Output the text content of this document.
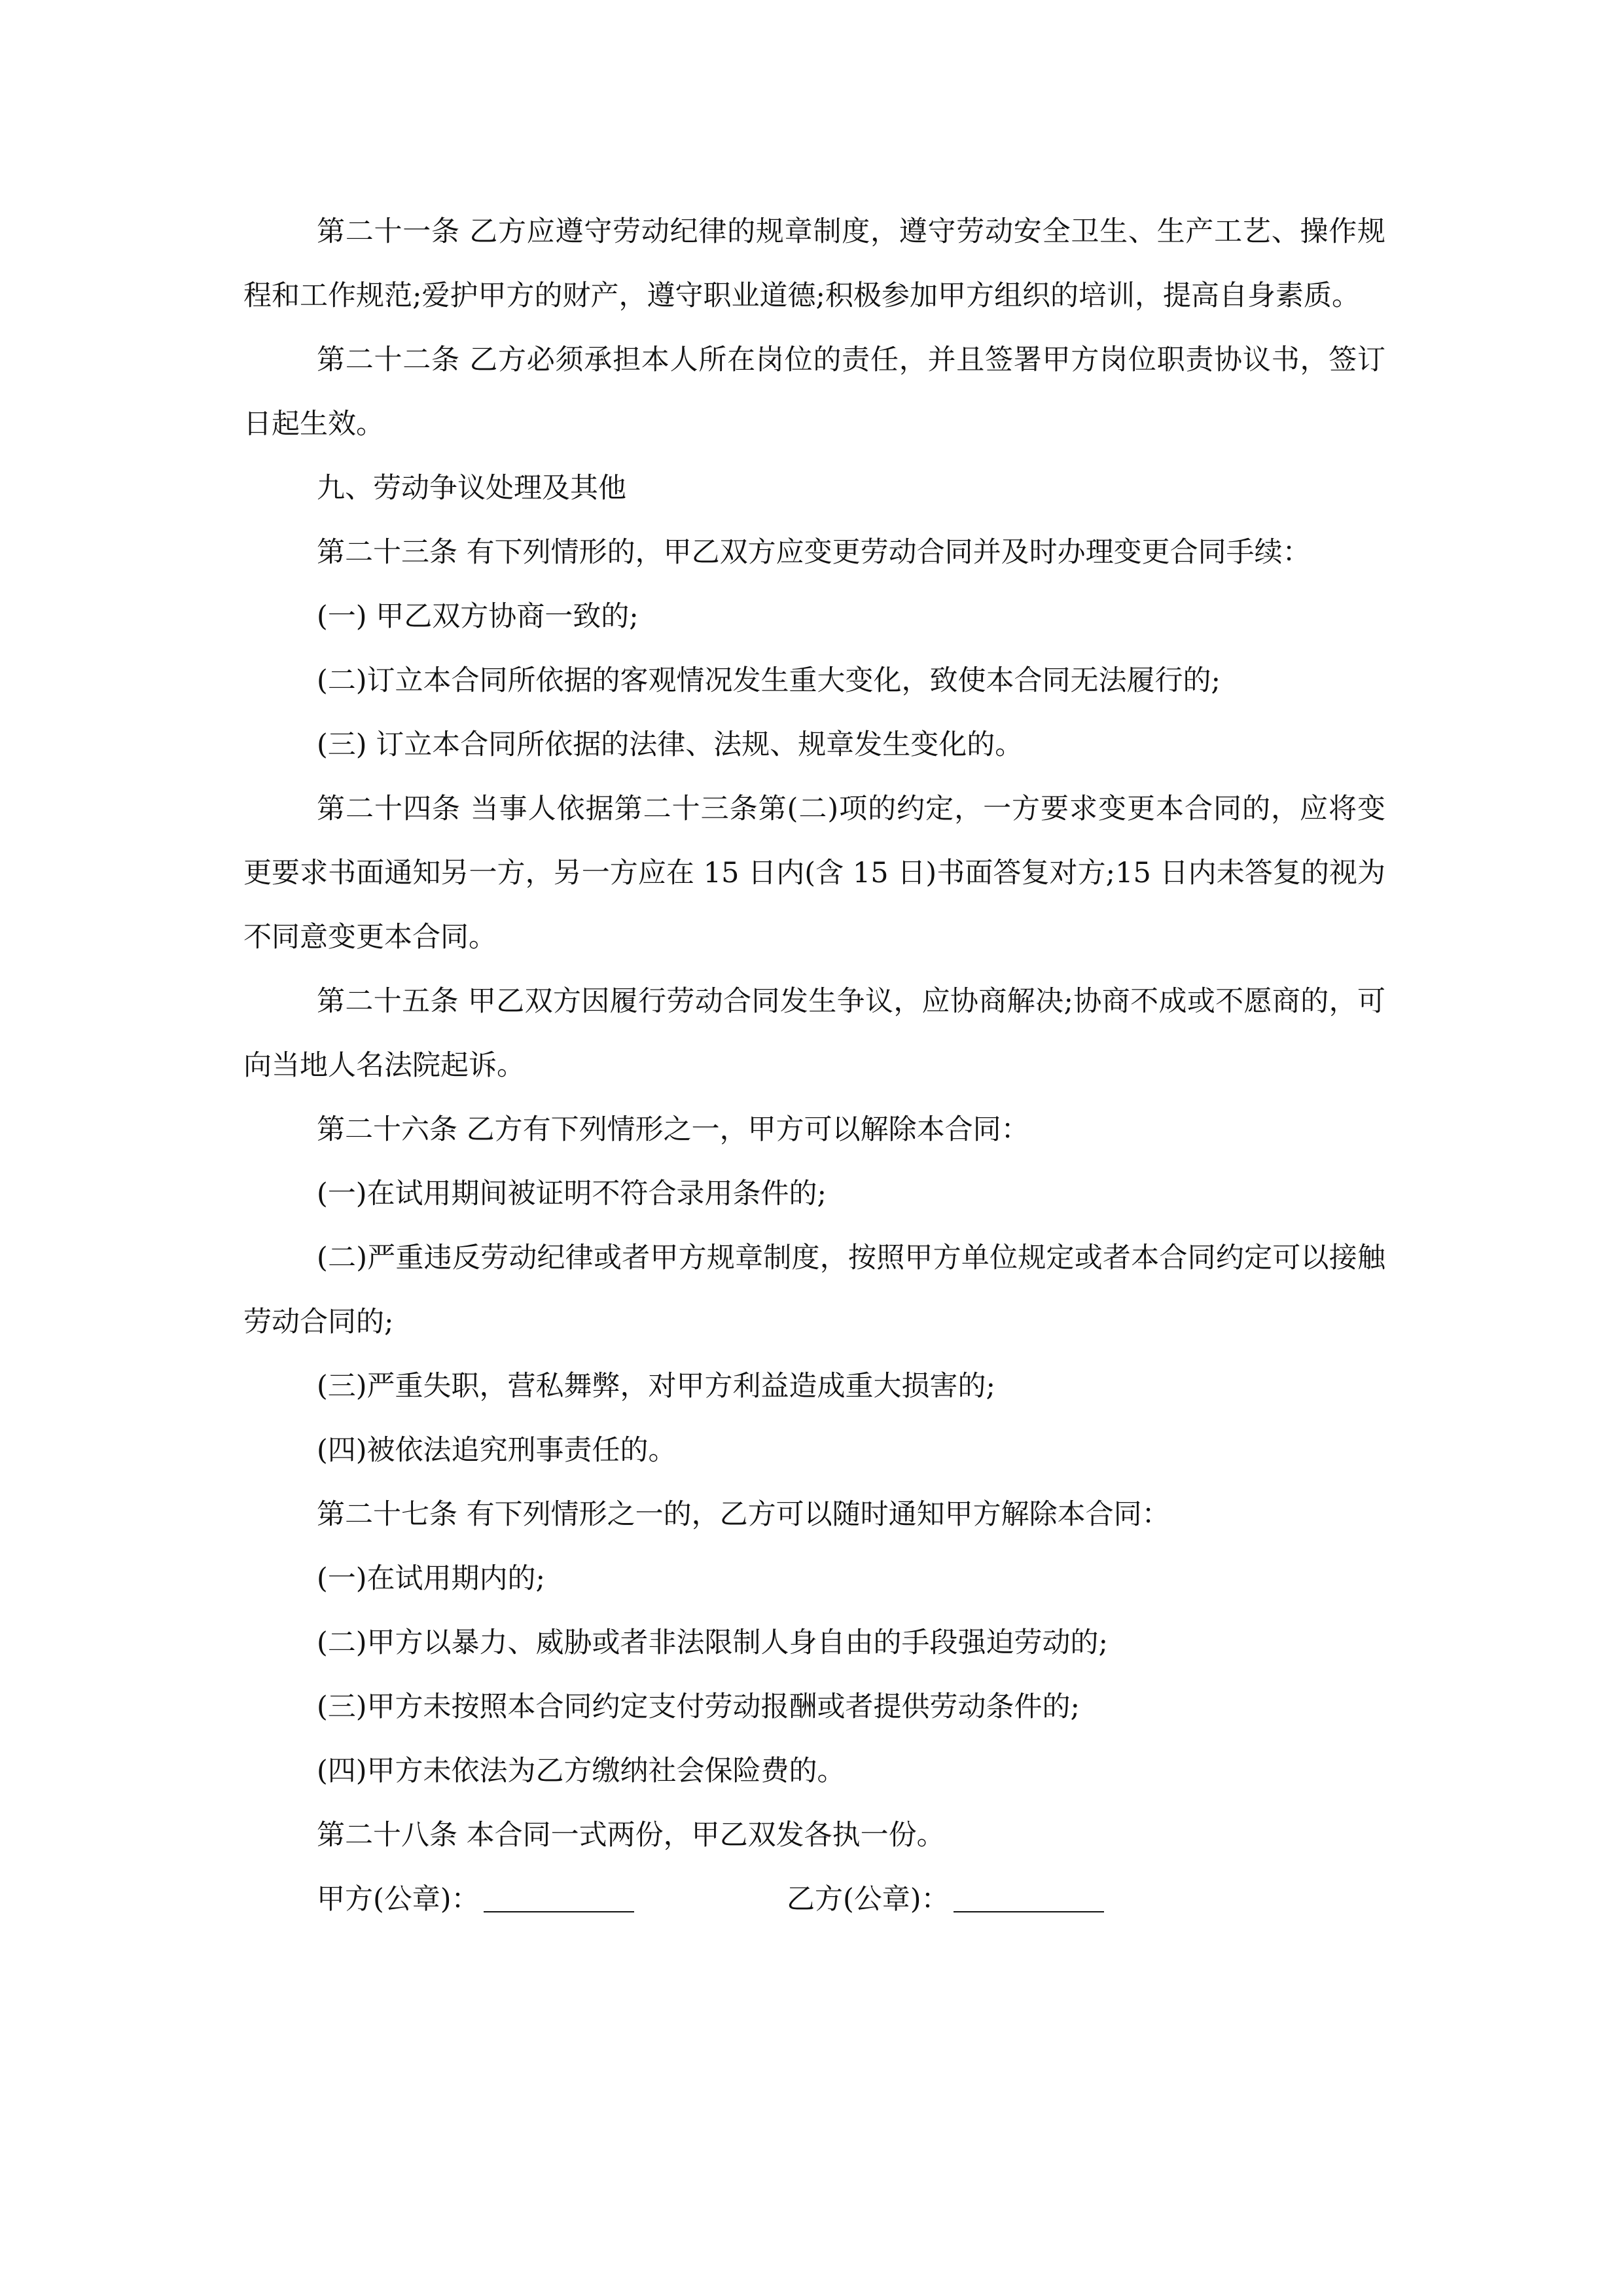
第二十一条 乙方应遵守劳动纪律的规章制度，遵守劳动安全卫生、生产工艺、操作规程和工作规范;爱护甲方的财产，遵守职业道德;积极参加甲方组织的培训，提高自身素质。

第二十二条 乙方必须承担本人所在岗位的责任，并且签署甲方岗位职责协议书，签订日起生效。

九、劳动争议处理及其他

第二十三条 有下列情形的，甲乙双方应变更劳动合同并及时办理变更合同手续：

(一) 甲乙双方协商一致的;

(二)订立本合同所依据的客观情况发生重大变化，致使本合同无法履行的;

(三) 订立本合同所依据的法律、法规、规章发生变化的。

第二十四条 当事人依据第二十三条第(二)项的约定，一方要求变更本合同的，应将变更要求书面通知另一方，另一方应在 15 日内(含 15 日)书面答复对方;15 日内未答复的视为不同意变更本合同。

第二十五条 甲乙双方因履行劳动合同发生争议，应协商解决;协商不成或不愿商的，可向当地人名法院起诉。

第二十六条 乙方有下列情形之一，甲方可以解除本合同：

(一)在试用期间被证明不符合录用条件的;

(二)严重违反劳动纪律或者甲方规章制度，按照甲方单位规定或者本合同约定可以接触劳动合同的;

(三)严重失职，营私舞弊，对甲方利益造成重大损害的;

(四)被依法追究刑事责任的。

第二十七条 有下列情形之一的，乙方可以随时通知甲方解除本合同：

(一)在试用期内的;

(二)甲方以暴力、威胁或者非法限制人身自由的手段强迫劳动的;

(三)甲方未按照本合同约定支付劳动报酬或者提供劳动条件的;

(四)甲方未依法为乙方缴纳社会保险费的。

第二十八条 本合同一式两份，甲乙双发各执一份。

甲方(公章)：	乙方(公章)：
